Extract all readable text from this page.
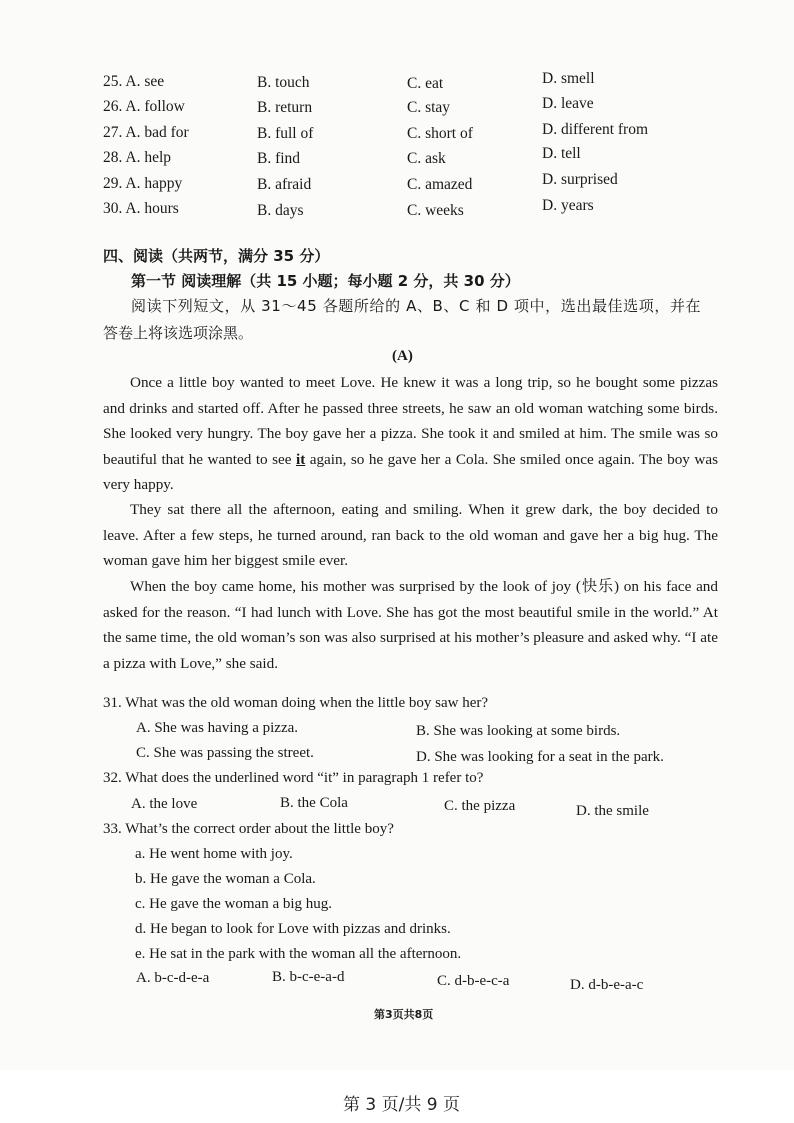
25. A. see	B. touch	C. eat	D. smell
26. A. follow	B. return	C. stay	D. leave
27. A. bad for	B. full of	C. short of	D. different from
28. A. help	B. find	C. ask	D. tell
29. A. happy	B. afraid	C. amazed	D. surprised
30. A. hours	B. days	C. weeks	D. years
四、阅读（共两节，满分 35 分）
第一节 阅读理解（共 15 小题；每小题 2 分，共 30 分）
阅读下列短文，从 31～45 各题所给的 A、B、C 和 D 项中，选出最佳选项，并在
答卷上将该选项涂黑。
(A)
Once a little boy wanted to meet Love. He knew it was a long trip, so he bought some pizzas and drinks and started off. After he passed three streets, he saw an old woman watching some birds. She looked very hungry. The boy gave her a pizza. She took it and smiled at him. The smile was so beautiful that he wanted to see it again, so he gave her a Cola. She smiled once again. The boy was very happy.
They sat there all the afternoon, eating and smiling. When it grew dark, the boy decided to leave. After a few steps, he turned around, ran back to the old woman and gave her a big hug. The woman gave him her biggest smile ever.
When the boy came home, his mother was surprised by the look of joy (快乐) on his face and asked for the reason. “I had lunch with Love. She has got the most beautiful smile in the world.” At the same time, the old woman’s son was also surprised at his mother’s pleasure and asked why. “I ate a pizza with Love,” she said.
31. What was the old woman doing when the little boy saw her?
A. She was having a pizza.	B. She was looking at some birds.
C. She was passing the street.	D. She was looking for a seat in the park.
32. What does the underlined word “it” in paragraph 1 refer to?
A. the love	B. the Cola	C. the pizza	D. the smile
33. What’s the correct order about the little boy?
a. He went home with joy.
b. He gave the woman a Cola.
c. He gave the woman a big hug.
d. He began to look for Love with pizzas and drinks.
e. He sat in the park with the woman all the afternoon.
A. b-c-d-e-a	B. b-c-e-a-d	C. d-b-e-c-a	D. d-b-e-a-c
第3页共8页
第 3 页/共 9 页
